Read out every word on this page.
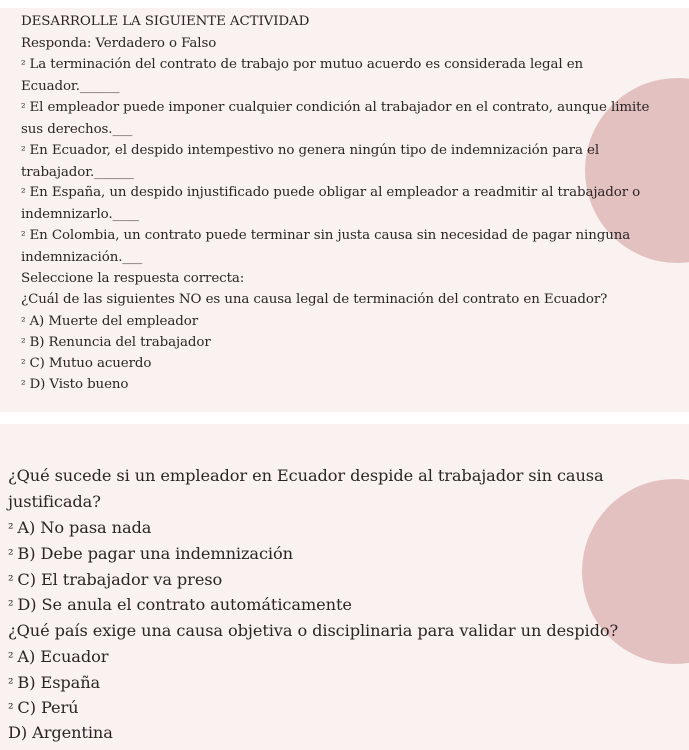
DESARROLLE LA SIGUIENTE ACTIVIDAD

Responda: Verdadero o Falso

² La terminación del contrato de trabajo por mutuo acuerdo es considerada legal en

Ecuador.______

² El empleador puede imponer cualquier condición al trabajador en el contrato, aunque limite

sus derechos.___

² En Ecuador, el despido intempestivo no genera ningún tipo de indemnización para el

trabajador.______

² En España, un despido injustificado puede obligar al empleador a readmitir al trabajador o

indemnizarlo.____

² En Colombia, un contrato puede terminar sin justa causa sin necesidad de pagar ninguna

indemnización.___

Seleccione la respuesta correcta:

¿Cuál de las siguientes NO es una causa legal de terminación del contrato en Ecuador?

² A) Muerte del empleador

² B) Renuncia del trabajador

² C) Mutuo acuerdo

² D) Visto bueno

¿Qué sucede si un empleador en Ecuador despide al trabajador sin causa

justificada?

² A) No pasa nada

² B) Debe pagar una indemnización

² C) El trabajador va preso

² D) Se anula el contrato automáticamente

¿Qué país exige una causa objetiva o disciplinaria para validar un despido?

² A) Ecuador

² B) España

² C) Perú

D) Argentina
